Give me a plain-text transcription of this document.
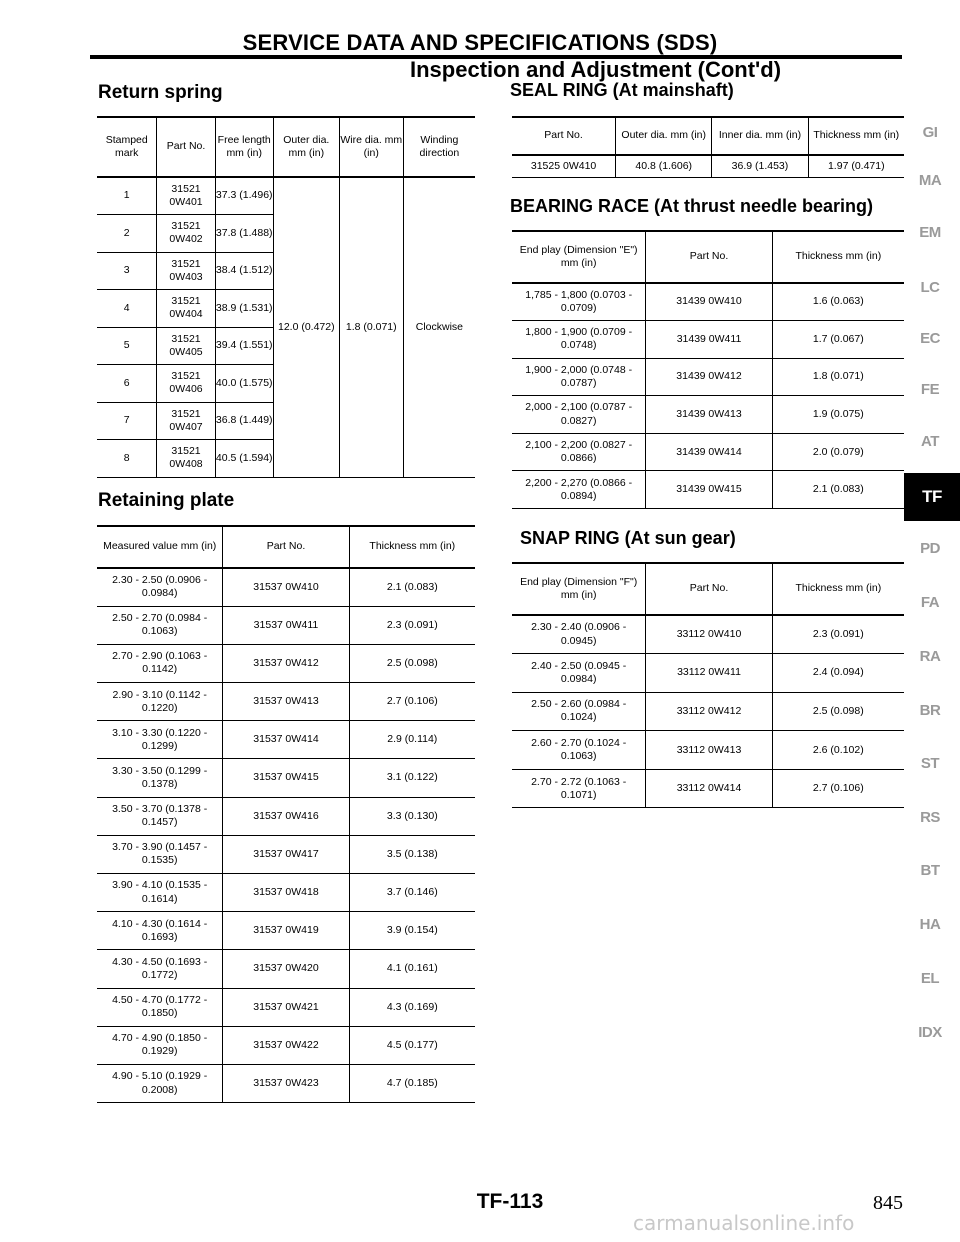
SERVICE DATA AND SPECIFICATIONS (SDS)
Inspection and Adjustment (Cont'd)
Return spring
Stamped mark	Part No.	Free length mm (in)	Outer dia. mm (in)	Wire dia. mm (in)	Winding direction
1	31521 0W401	37.3 (1.496)	12.0 (0.472)	1.8 (0.071)	Clockwise
2	31521 0W402	37.8 (1.488)			
3	31521 0W403	38.4 (1.512)			
4	31521 0W404	38.9 (1.531)			
5	31521 0W405	39.4 (1.551)			
6	31521 0W406	40.0 (1.575)			
7	31521 0W407	36.8 (1.449)			
8	31521 0W408	40.5 (1.594)			
Retaining plate
Measured value mm (in)	Part No.	Thickness mm (in)
2.30 - 2.50 (0.0906 - 0.0984)	31537 0W410	2.1 (0.083)
2.50 - 2.70 (0.0984 - 0.1063)	31537 0W411	2.3 (0.091)
2.70 - 2.90 (0.1063 - 0.1142)	31537 0W412	2.5 (0.098)
2.90 - 3.10 (0.1142 - 0.1220)	31537 0W413	2.7 (0.106)
3.10 - 3.30 (0.1220 - 0.1299)	31537 0W414	2.9 (0.114)
3.30 - 3.50 (0.1299 - 0.1378)	31537 0W415	3.1 (0.122)
3.50 - 3.70 (0.1378 - 0.1457)	31537 0W416	3.3 (0.130)
3.70 - 3.90 (0.1457 - 0.1535)	31537 0W417	3.5 (0.138)
3.90 - 4.10 (0.1535 - 0.1614)	31537 0W418	3.7 (0.146)
4.10 - 4.30 (0.1614 - 0.1693)	31537 0W419	3.9 (0.154)
4.30 - 4.50 (0.1693 - 0.1772)	31537 0W420	4.1 (0.161)
4.50 - 4.70 (0.1772 - 0.1850)	31537 0W421	4.3 (0.169)
4.70 - 4.90 (0.1850 - 0.1929)	31537 0W422	4.5 (0.177)
4.90 - 5.10 (0.1929 - 0.2008)	31537 0W423	4.7 (0.185)
SEAL RING (At mainshaft)
Part No.	Outer dia. mm (in)	Inner dia. mm (in)	Thickness mm (in)
31525 0W410	40.8 (1.606)	36.9 (1.453)	1.97 (0.471)
BEARING RACE (At thrust needle bearing)
End play (Dimension "E") mm (in)	Part No.	Thickness mm (in)
1,785 - 1,800 (0.0703 - 0.0709)	31439 0W410	1.6 (0.063)
1,800 - 1,900 (0.0709 - 0.0748)	31439 0W411	1.7 (0.067)
1,900 - 2,000 (0.0748 - 0.0787)	31439 0W412	1.8 (0.071)
2,000 - 2,100 (0.0787 - 0.0827)	31439 0W413	1.9 (0.075)
2,100 - 2,200 (0.0827 - 0.0866)	31439 0W414	2.0 (0.079)
2,200 - 2,270 (0.0866 - 0.0894)	31439 0W415	2.1 (0.083)
SNAP RING (At sun gear)
End play (Dimension "F") mm (in)	Part No.	Thickness mm (in)
2.30 - 2.40 (0.0906 - 0.0945)	33112 0W410	2.3 (0.091)
2.40 - 2.50 (0.0945 - 0.0984)	33112 0W411	2.4 (0.094)
2.50 - 2.60 (0.0984 - 0.1024)	33112 0W412	2.5 (0.098)
2.60 - 2.70 (0.1024 - 0.1063)	33112 0W413	2.6 (0.102)
2.70 - 2.72 (0.1063 - 0.1071)	33112 0W414	2.7 (0.106)
GI
MA
EM
LC
EC
FE
AT
TF
PD
FA
RA
BR
ST
RS
BT
HA
EL
IDX
TF-113	845
carmanualsonline.info
